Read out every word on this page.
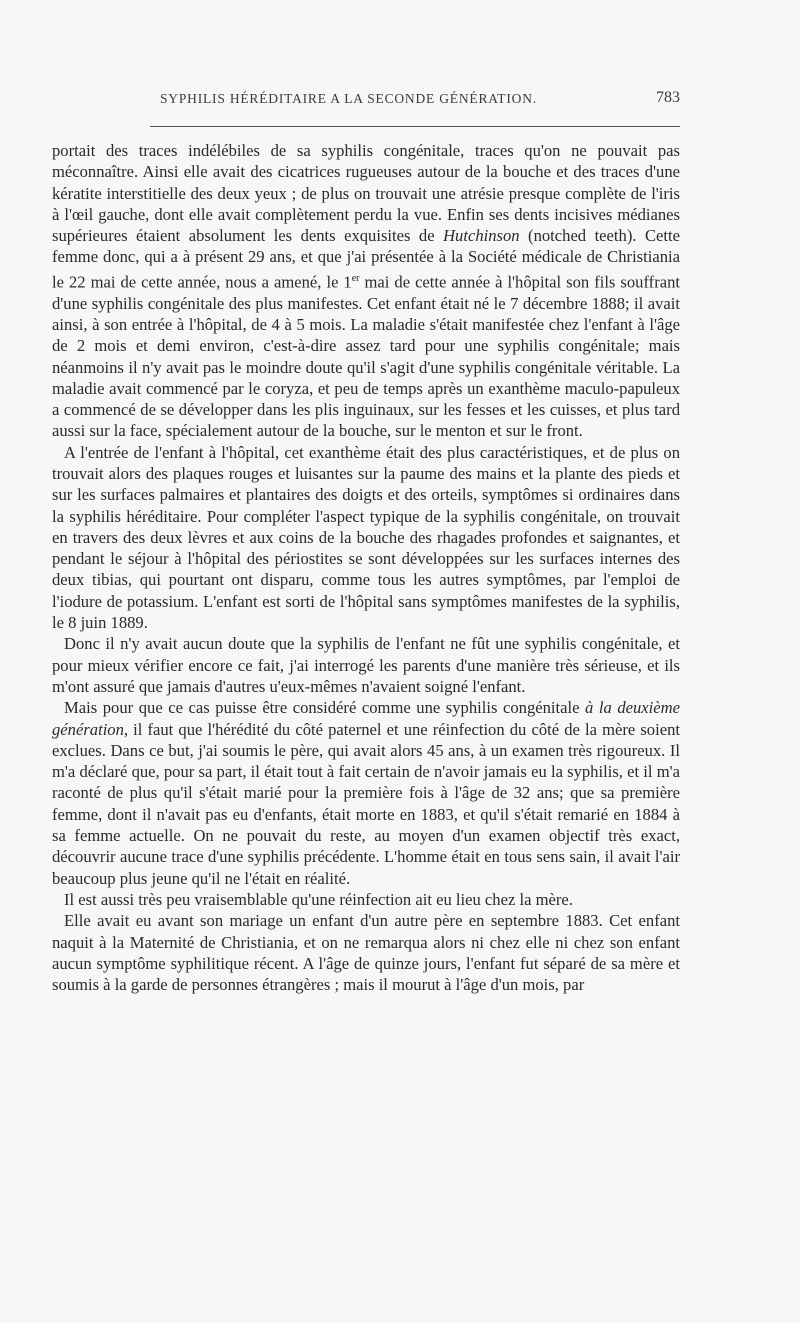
SYPHILIS HÉRÉDITAIRE A LA SECONDE GÉNÉRATION.	783

portait des traces indélébiles de sa syphilis congénitale, traces qu'on ne pouvait pas méconnaître. Ainsi elle avait des cicatrices rugueuses autour de la bouche et des traces d'une kératite interstitielle des deux yeux ; de plus on trouvait une atrésie presque complète de l'iris à l'œil gauche, dont elle avait complètement perdu la vue. Enfin ses dents incisives médianes supérieures étaient absolument les dents exquisites de Hutchinson (notched teeth). Cette femme donc, qui a à présent 29 ans, et que j'ai présentée à la Société médicale de Christiania le 22 mai de cette année, nous a amené, le 1er mai de cette année à l'hôpital son fils souffrant d'une syphilis congénitale des plus manifestes. Cet enfant était né le 7 décembre 1888; il avait ainsi, à son entrée à l'hôpital, de 4 à 5 mois. La maladie s'était manifestée chez l'enfant à l'âge de 2 mois et demi environ, c'est-à-dire assez tard pour une syphilis congénitale; mais néanmoins il n'y avait pas le moindre doute qu'il s'agit d'une syphilis congénitale véritable. La maladie avait commencé par le coryza, et peu de temps après un exanthème maculo-papuleux a commencé de se développer dans les plis inguinaux, sur les fesses et les cuisses, et plus tard aussi sur la face, spécialement autour de la bouche, sur le menton et sur le front.

A l'entrée de l'enfant à l'hôpital, cet exanthème était des plus caractéristiques, et de plus on trouvait alors des plaques rouges et luisantes sur la paume des mains et la plante des pieds et sur les surfaces palmaires et plantaires des doigts et des orteils, symptômes si ordinaires dans la syphilis héréditaire. Pour compléter l'aspect typique de la syphilis congénitale, on trouvait en travers des deux lèvres et aux coins de la bouche des rhagades profondes et saignantes, et pendant le séjour à l'hôpital des périostites se sont développées sur les surfaces internes des deux tibias, qui pourtant ont disparu, comme tous les autres symptômes, par l'emploi de l'iodure de potassium. L'enfant est sorti de l'hôpital sans symptômes manifestes de la syphilis, le 8 juin 1889.

Donc il n'y avait aucun doute que la syphilis de l'enfant ne fût une syphilis congénitale, et pour mieux vérifier encore ce fait, j'ai interrogé les parents d'une manière très sérieuse, et ils m'ont assuré que jamais d'autres u'eux-mêmes n'avaient soigné l'enfant.

Mais pour que ce cas puisse être considéré comme une syphilis congénitale à la deuxième génération, il faut que l'hérédité du côté paternel et une réinfection du côté de la mère soient exclues. Dans ce but, j'ai soumis le père, qui avait alors 45 ans, à un examen très rigoureux. Il m'a déclaré que, pour sa part, il était tout à fait certain de n'avoir jamais eu la syphilis, et il m'a raconté de plus qu'il s'était marié pour la première fois à l'âge de 32 ans; que sa première femme, dont il n'avait pas eu d'enfants, était morte en 1883, et qu'il s'était remarié en 1884 à sa femme actuelle. On ne pouvait du reste, au moyen d'un examen objectif très exact, découvrir aucune trace d'une syphilis précédente. L'homme était en tous sens sain, il avait l'air beaucoup plus jeune qu'il ne l'était en réalité.

Il est aussi très peu vraisemblable qu'une réinfection ait eu lieu chez la mère.

Elle avait eu avant son mariage un enfant d'un autre père en septembre 1883. Cet enfant naquit à la Maternité de Christiania, et on ne remarqua alors ni chez elle ni chez son enfant aucun symptôme syphilitique récent. A l'âge de quinze jours, l'enfant fut séparé de sa mère et soumis à la garde de personnes étrangères ; mais il mourut à l'âge d'un mois, par
